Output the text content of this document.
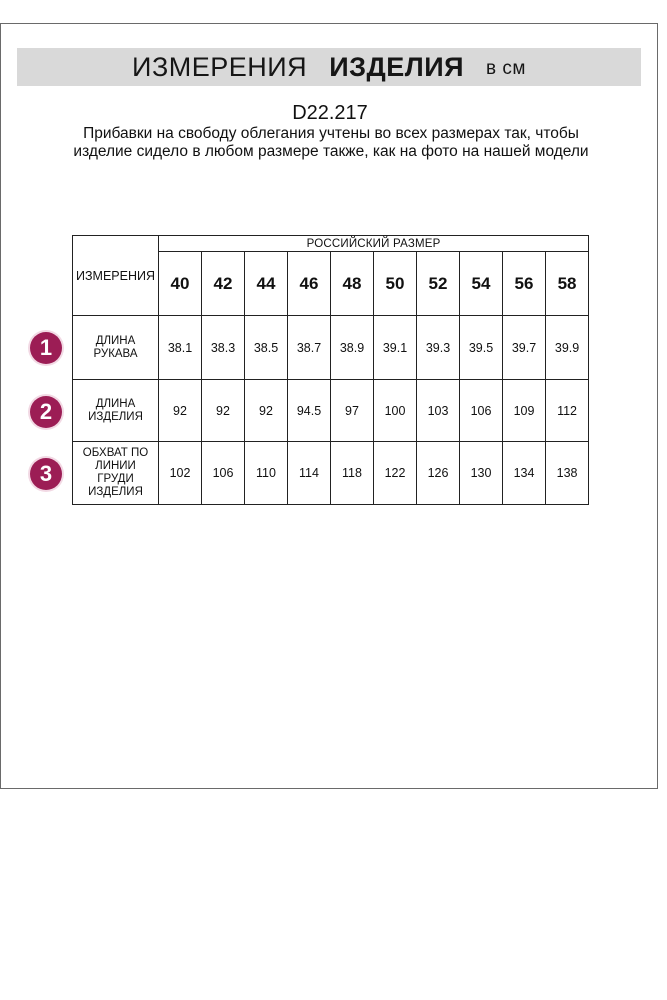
ИЗМЕРЕНИЯ ИЗДЕЛИЯ в см
D22.217
Прибавки на свободу облегания учтены во всех размерах так, чтобы изделие сидело в любом размере также, как на фото на нашей модели
ИЗМЕРЕНИЯ	РОССИЙСКИЙ РАЗМЕР									
	40	42	44	46	48	50	52	54	56	58
ДЛИНА
РУКАВА	38.1	38.3	38.5	38.7	38.9	39.1	39.3	39.5	39.7	39.9
ДЛИНА
ИЗДЕЛИЯ	92	92	92	94.5	97	100	103	106	109	112
ОБХВАТ ПО
ЛИНИИ
ГРУДИ
ИЗДЕЛИЯ	102	106	110	114	118	122	126	130	134	138
1
2
3
